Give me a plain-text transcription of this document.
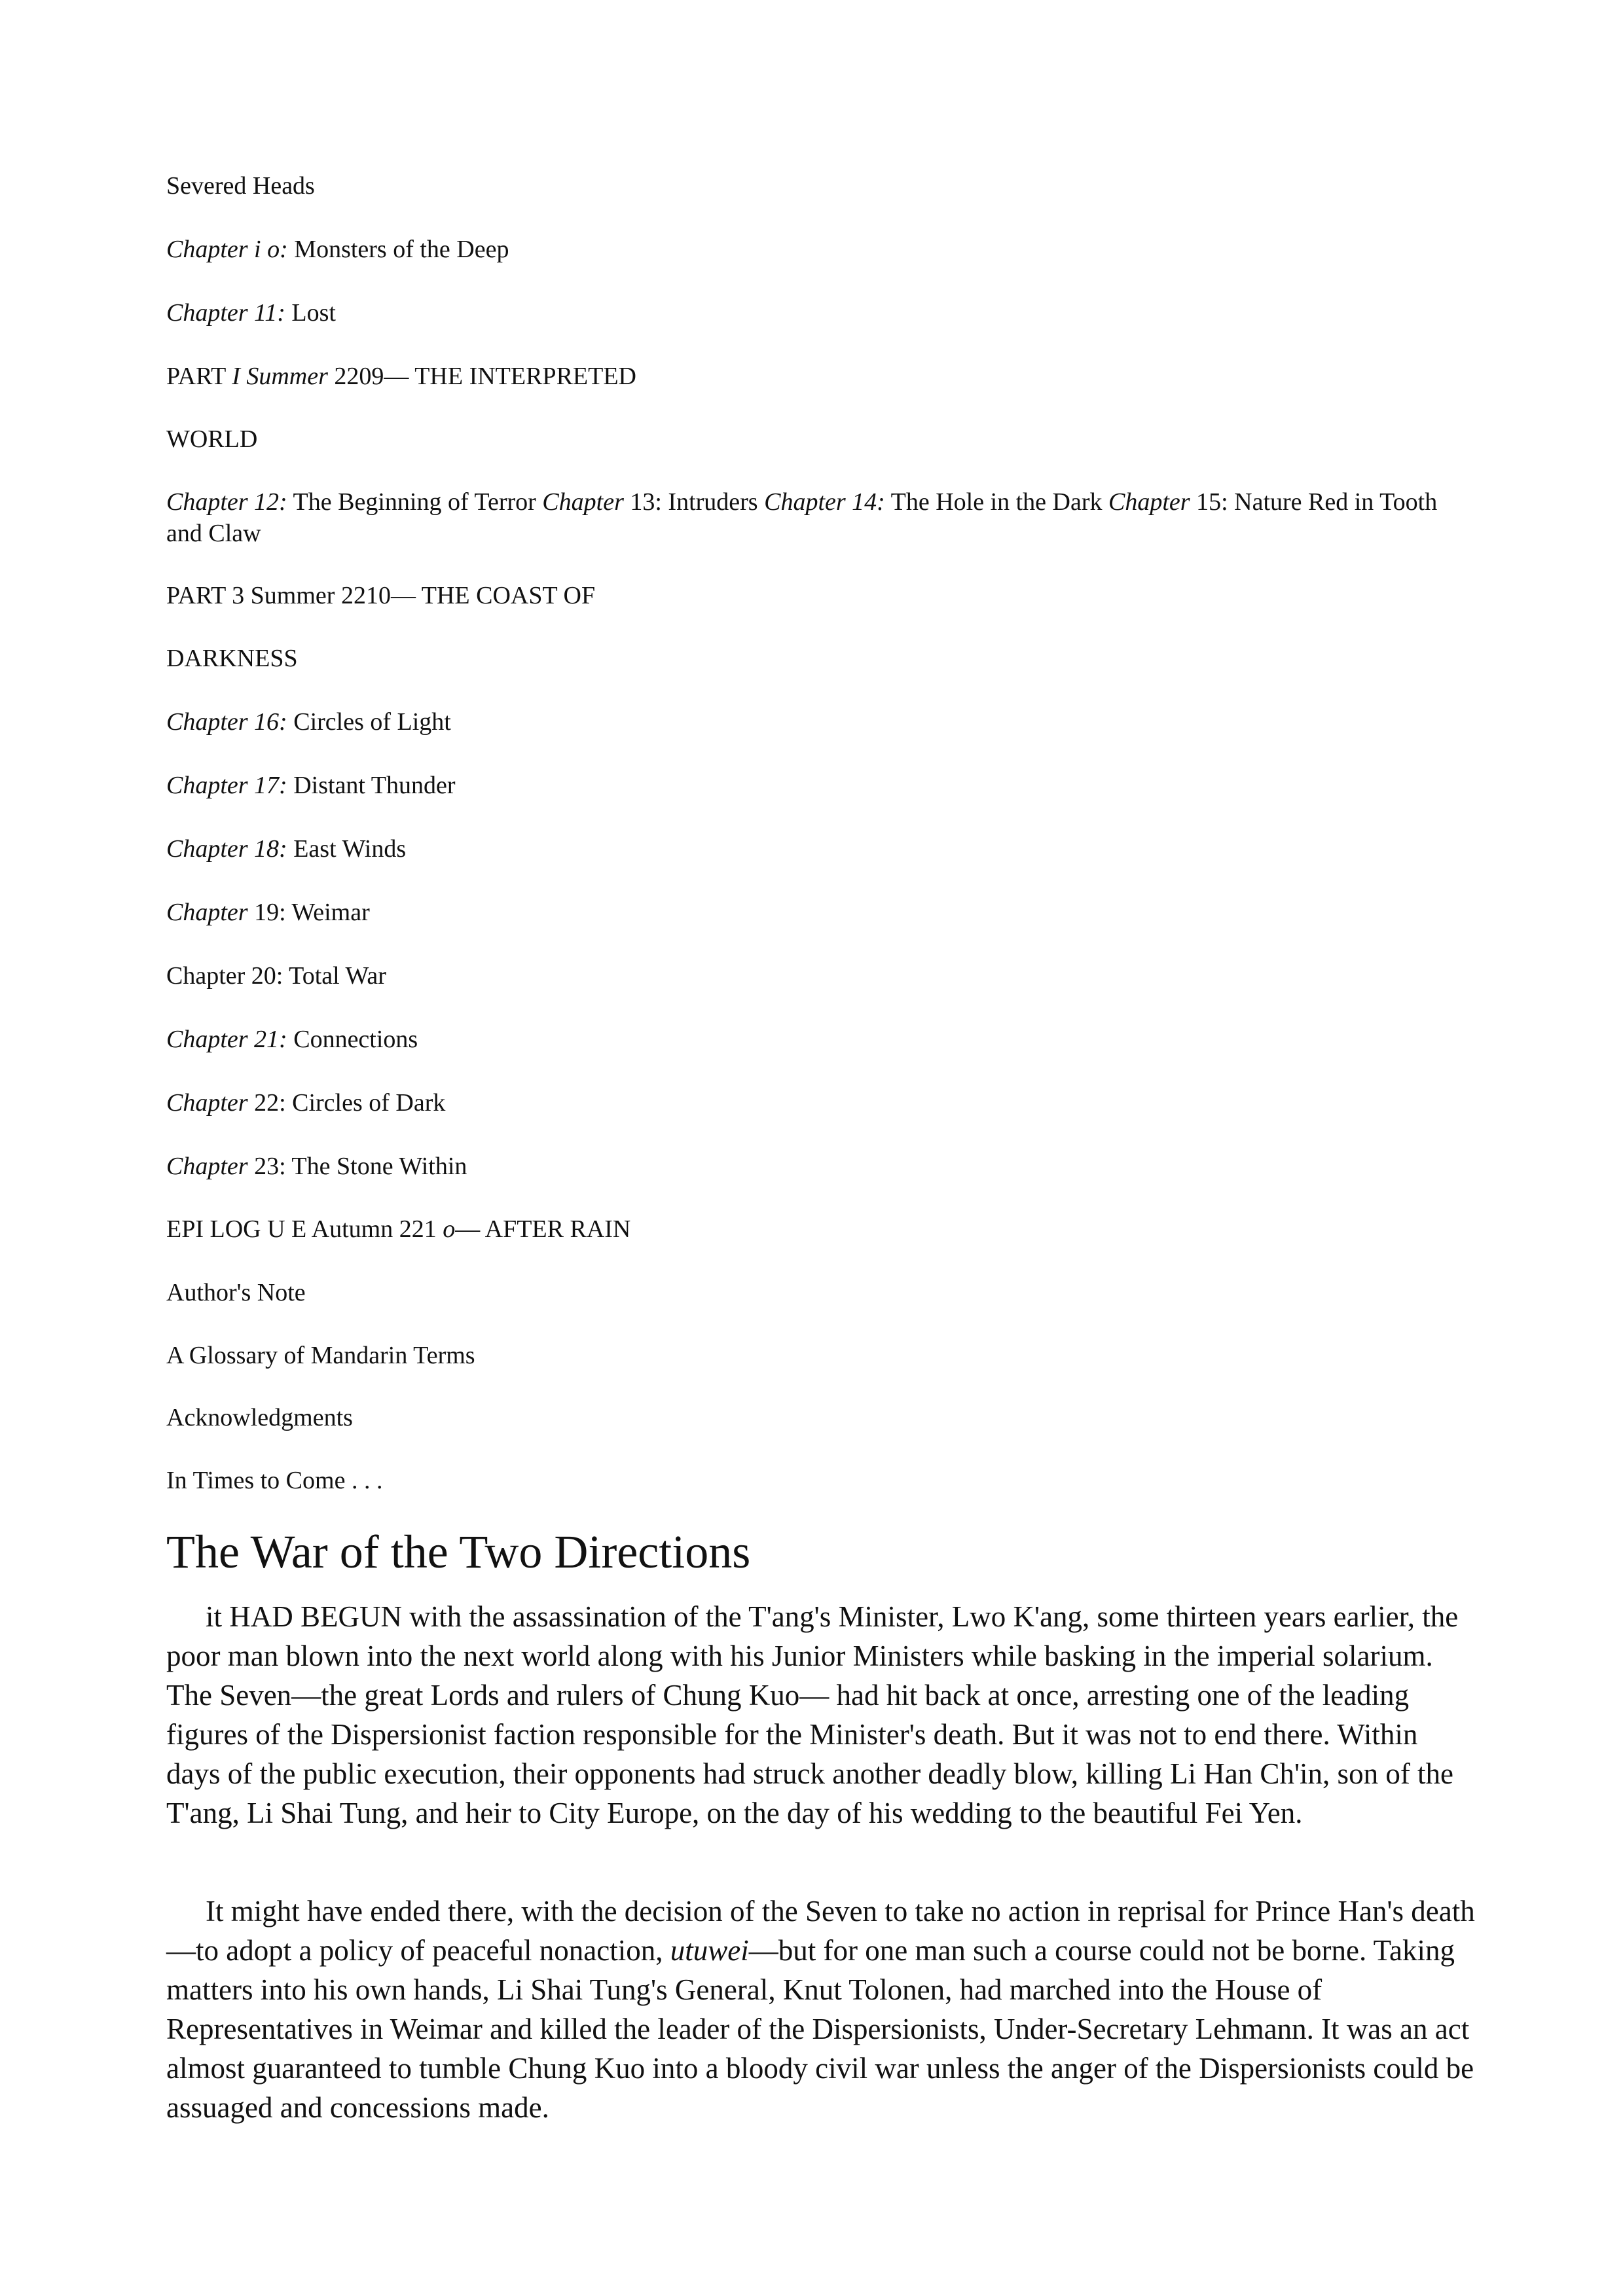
Severed Heads
Chapter i o: Monsters of the Deep
Chapter 11: Lost
PART I Summer 2209— THE INTERPRETED
WORLD
Chapter 12: The Beginning of Terror Chapter 13: Intruders Chapter 14: The Hole in the Dark Chapter 15: Nature Red in Tooth and Claw
PART 3 Summer 2210— THE COAST OF
DARKNESS
Chapter 16: Circles of Light
Chapter 17: Distant Thunder
Chapter 18: East Winds
Chapter 19: Weimar
Chapter 20: Total War
Chapter 21: Connections
Chapter 22: Circles of Dark
Chapter 23: The Stone Within
EPI LOG U E Autumn 221 o— AFTER RAIN
Author's Note
A Glossary of Mandarin Terms
Acknowledgments
In Times to Come . . .
The War of the Two Directions

it HAD BEGUN with the assassination of the T'ang's Minister, Lwo K'ang, some thirteen years earlier, the poor man blown into the next world along with his Junior Ministers while basking in the imperial solarium. The Seven—the great Lords and rulers of Chung Kuo— had hit back at once, arresting one of the leading figures of the Dispersionist faction responsible for the Minister's death. But it was not to end there. Within days of the public execution, their opponents had struck another deadly blow, killing Li Han Ch'in, son of the T'ang, Li Shai Tung, and heir to City Europe, on the day of his wedding to the beautiful Fei Yen.

It might have ended there, with the decision of the Seven to take no action in reprisal for Prince Han's death—to adopt a policy of peaceful nonaction, utuwei—but for one man such a course could not be borne. Taking matters into his own hands, Li Shai Tung's General, Knut Tolonen, had marched into the House of Representatives in Weimar and killed the leader of the Dispersionists, Under-Secretary Lehmann. It was an act almost guaranteed to tumble Chung Kuo into a bloody civil war unless the anger of the Dispersionists could be assuaged and concessions made.
